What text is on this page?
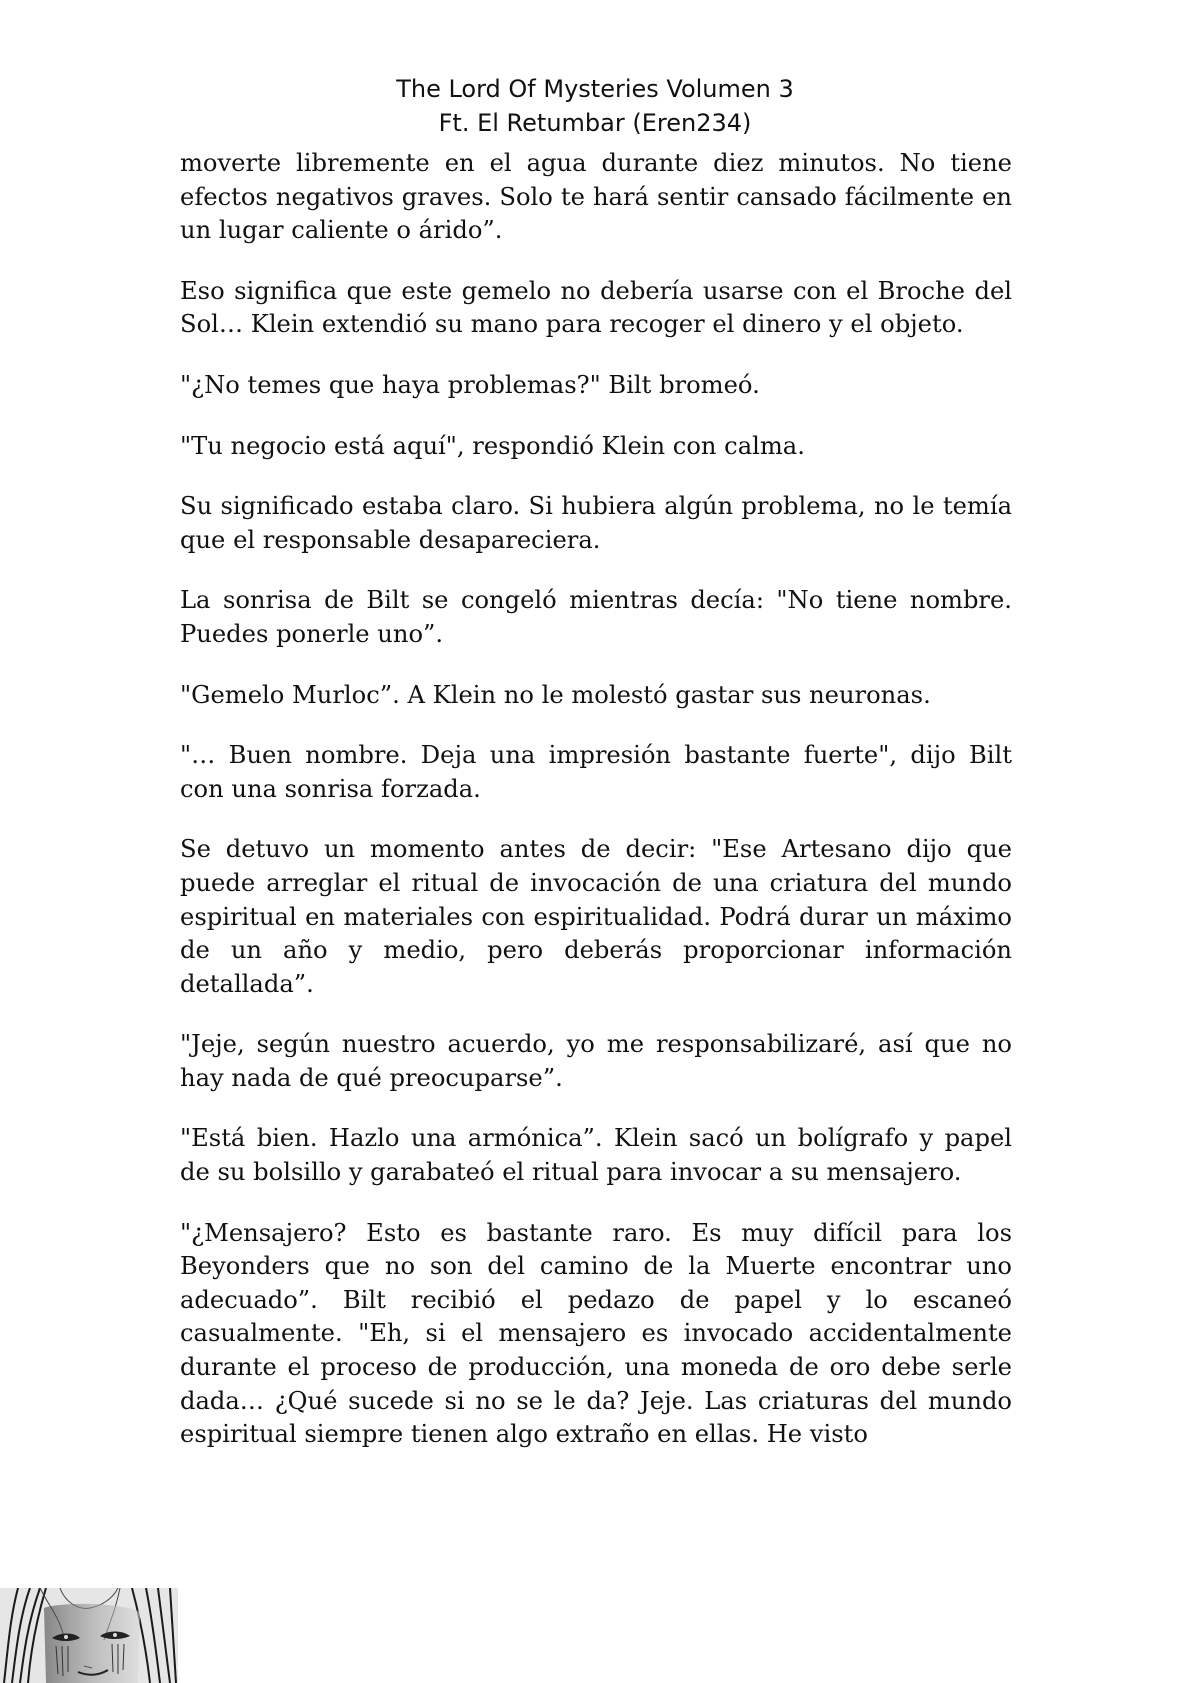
The Lord Of Mysteries Volumen 3
Ft. El Retumbar (Eren234)

moverte libremente en el agua durante diez minutos. No tiene efectos negativos graves. Solo te hará sentir cansado fácilmente en un lugar caliente o árido”.

Eso significa que este gemelo no debería usarse con el Broche del Sol… Klein extendió su mano para recoger el dinero y el objeto.

"¿No temes que haya problemas?" Bilt bromeó.

"Tu negocio está aquí", respondió Klein con calma.

Su significado estaba claro. Si hubiera algún problema, no le temía que el responsable desapareciera.

La sonrisa de Bilt se congeló mientras decía: "No tiene nombre. Puedes ponerle uno”.

"Gemelo Murloc”. A Klein no le molestó gastar sus neuronas.

"… Buen nombre. Deja una impresión bastante fuerte", dijo Bilt con una sonrisa forzada.

Se detuvo un momento antes de decir: "Ese Artesano dijo que puede arreglar el ritual de invocación de una criatura del mundo espiritual en materiales con espiritualidad. Podrá durar un máximo de un año y medio, pero deberás proporcionar información detallada”.

"Jeje, según nuestro acuerdo, yo me responsabilizaré, así que no hay nada de qué preocuparse”.

"Está bien. Hazlo una armónica”. Klein sacó un bolígrafo y papel de su bolsillo y garabateó el ritual para invocar a su mensajero.

"¿Mensajero? Esto es bastante raro. Es muy difícil para los Beyonders que no son del camino de la Muerte encontrar uno adecuado”. Bilt recibió el pedazo de papel y lo escaneó casualmente. "Eh, si el mensajero es invocado accidentalmente durante el proceso de producción, una moneda de oro debe serle dada… ¿Qué sucede si no se le da? Jeje. Las criaturas del mundo espiritual siempre tienen algo extraño en ellas. He visto
